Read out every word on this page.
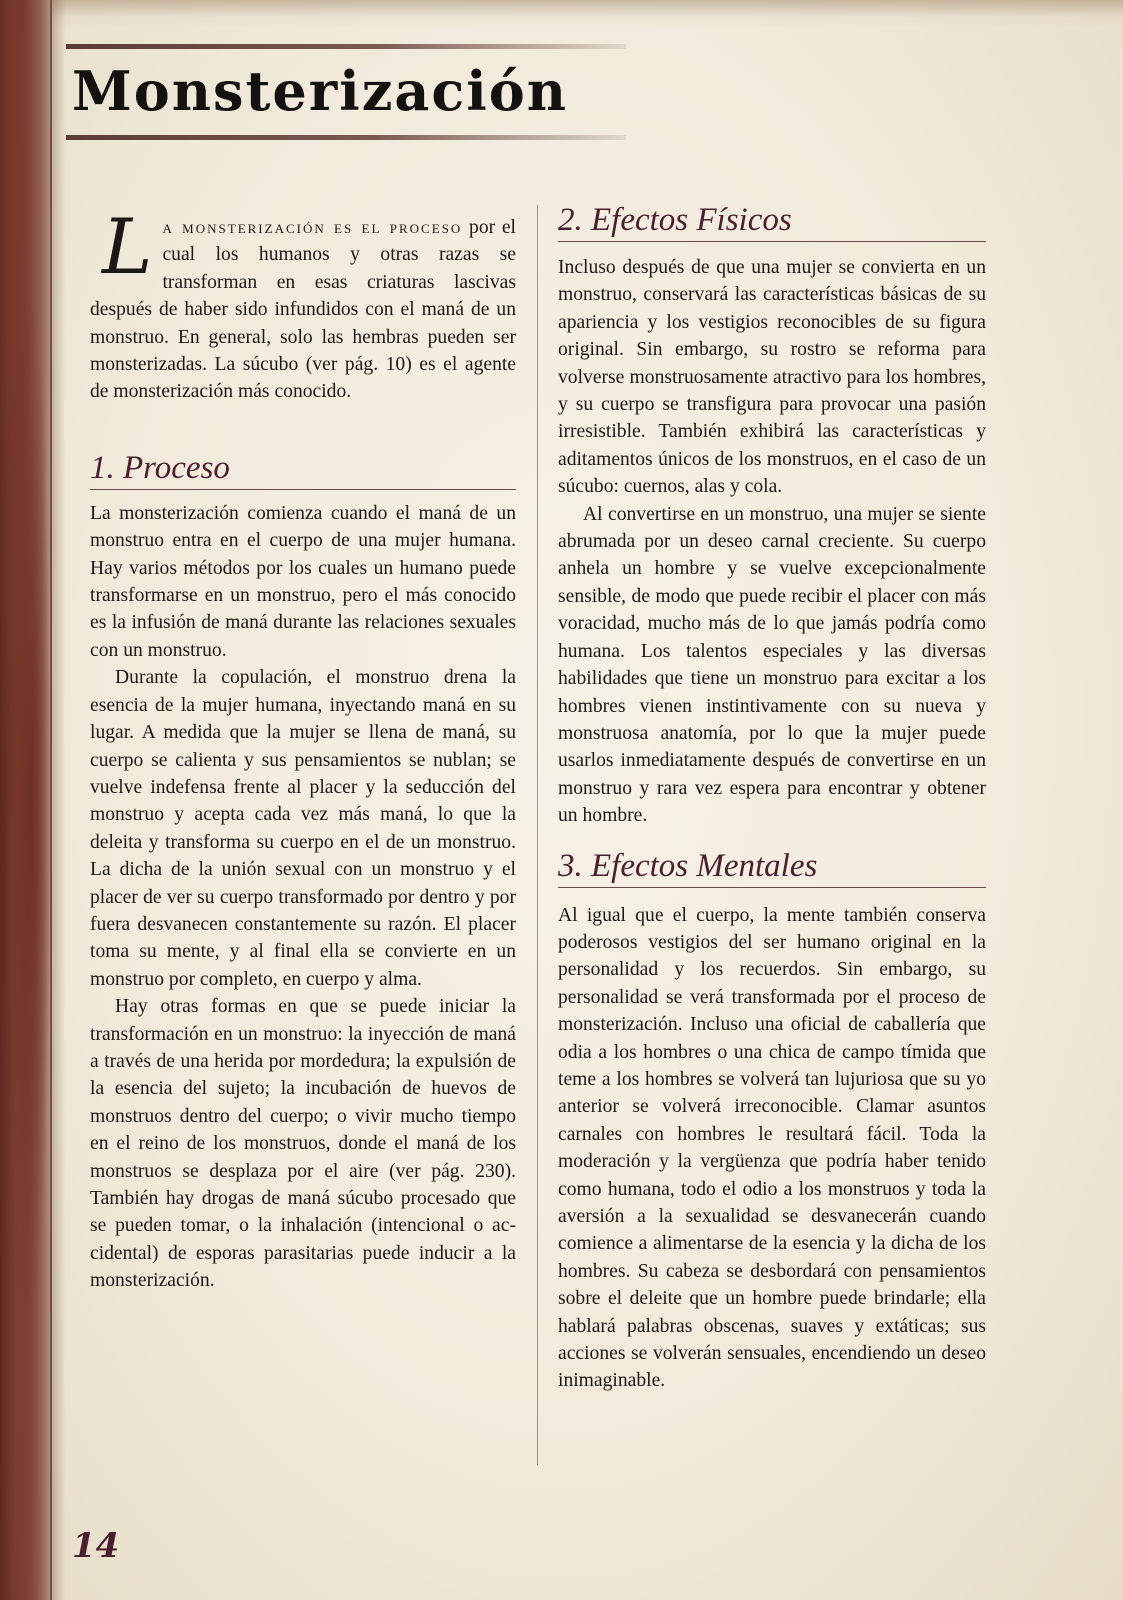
Monsterización
L a monsterización es el proceso por el cual los humanos y otras razas se transforman en esas criaturas lascivas después de haber sido infundidos con el maná de un monstruo. En general, solo las hembras pueden ser monsterizadas. La súcubo (ver pág. 10) es el agente de monsterización más conocido.

1. Proceso

La monsterización comienza cuando el maná de un monstruo entra en el cuerpo de una mujer humana. Hay varios métodos por los cuales un humano puede transformarse en un monstruo, pero el más conocido es la infusión de maná durante las relaciones sexuales con un monstruo.

Durante la copulación, el monstruo drena la esencia de la mujer humana, inyectando maná en su lugar. A medida que la mujer se llena de maná, su cuerpo se calienta y sus pensamientos se nublan; se vuelve indefensa frente al placer y la seducción del monstruo y acepta cada vez más maná, lo que la deleita y transforma su cuerpo en el de un monstruo. La dicha de la unión sexual con un monstruo y el placer de ver su cuerpo transformado por dentro y por fuera desvanecen constantemente su razón. El placer toma su mente, y al final ella se convierte en un monstruo por completo, en cuerpo y alma.

Hay otras formas en que se puede iniciar la transformación en un monstruo: la inyección de maná a través de una herida por mordedura; la expulsión de la esencia del sujeto; la incubación de huevos de monstruos dentro del cuerpo; o vivir mucho tiempo en el reino de los monstruos, donde el maná de los monstruos se desplaza por el aire (ver pág. 230). También hay drogas de maná súcubo procesado que se pueden tomar, o la inhalación (intencional o accidental) de esporas parasitarias puede inducir a la monsterización.

2. Efectos Físicos

Incluso después de que una mujer se convierta en un monstruo, conservará las características básicas de su apariencia y los vestigios reconocibles de su figura original. Sin embargo, su rostro se reforma para volverse monstruosamente atractivo para los hombres, y su cuerpo se transfigura para provocar una pasión irresistible. También exhibirá las características y aditamentos únicos de los monstruos, en el caso de un súcubo: cuernos, alas y cola.

Al convertirse en un monstruo, una mujer se siente abrumada por un deseo carnal creciente. Su cuerpo anhela un hombre y se vuelve excepcionalmente sensible, de modo que puede recibir el placer con más voracidad, mucho más de lo que jamás podría como humana. Los talentos especiales y las diversas habilidades que tiene un monstruo para excitar a los hombres vienen instintivamente con su nueva y monstruosa anatomía, por lo que la mujer puede usarlos inmediatamente después de convertirse en un monstruo y rara vez espera para encontrar y obtener un hombre.

3. Efectos Mentales

Al igual que el cuerpo, la mente también conserva poderosos vestigios del ser humano original en la personalidad y los recuerdos. Sin embargo, su personalidad se verá transformada por el proceso de monsterización. Incluso una oficial de caballería que odia a los hombres o una chica de campo tímida que teme a los hombres se volverá tan lujuriosa que su yo anterior se volverá irreconocible. Clamar asuntos carnales con hombres le resultará fácil. Toda la moderación y la vergüenza que podría haber tenido como humana, todo el odio a los monstruos y toda la aversión a la sexualidad se desvanecerán cuando comience a alimentarse de la esencia y la dicha de los hombres. Su cabeza se desbordará con pensamientos sobre el deleite que un hombre puede brindarle; ella hablará palabras obscenas, suaves y extáticas; sus acciones se volverán sensuales, encendiendo un deseo inimaginable.

14
